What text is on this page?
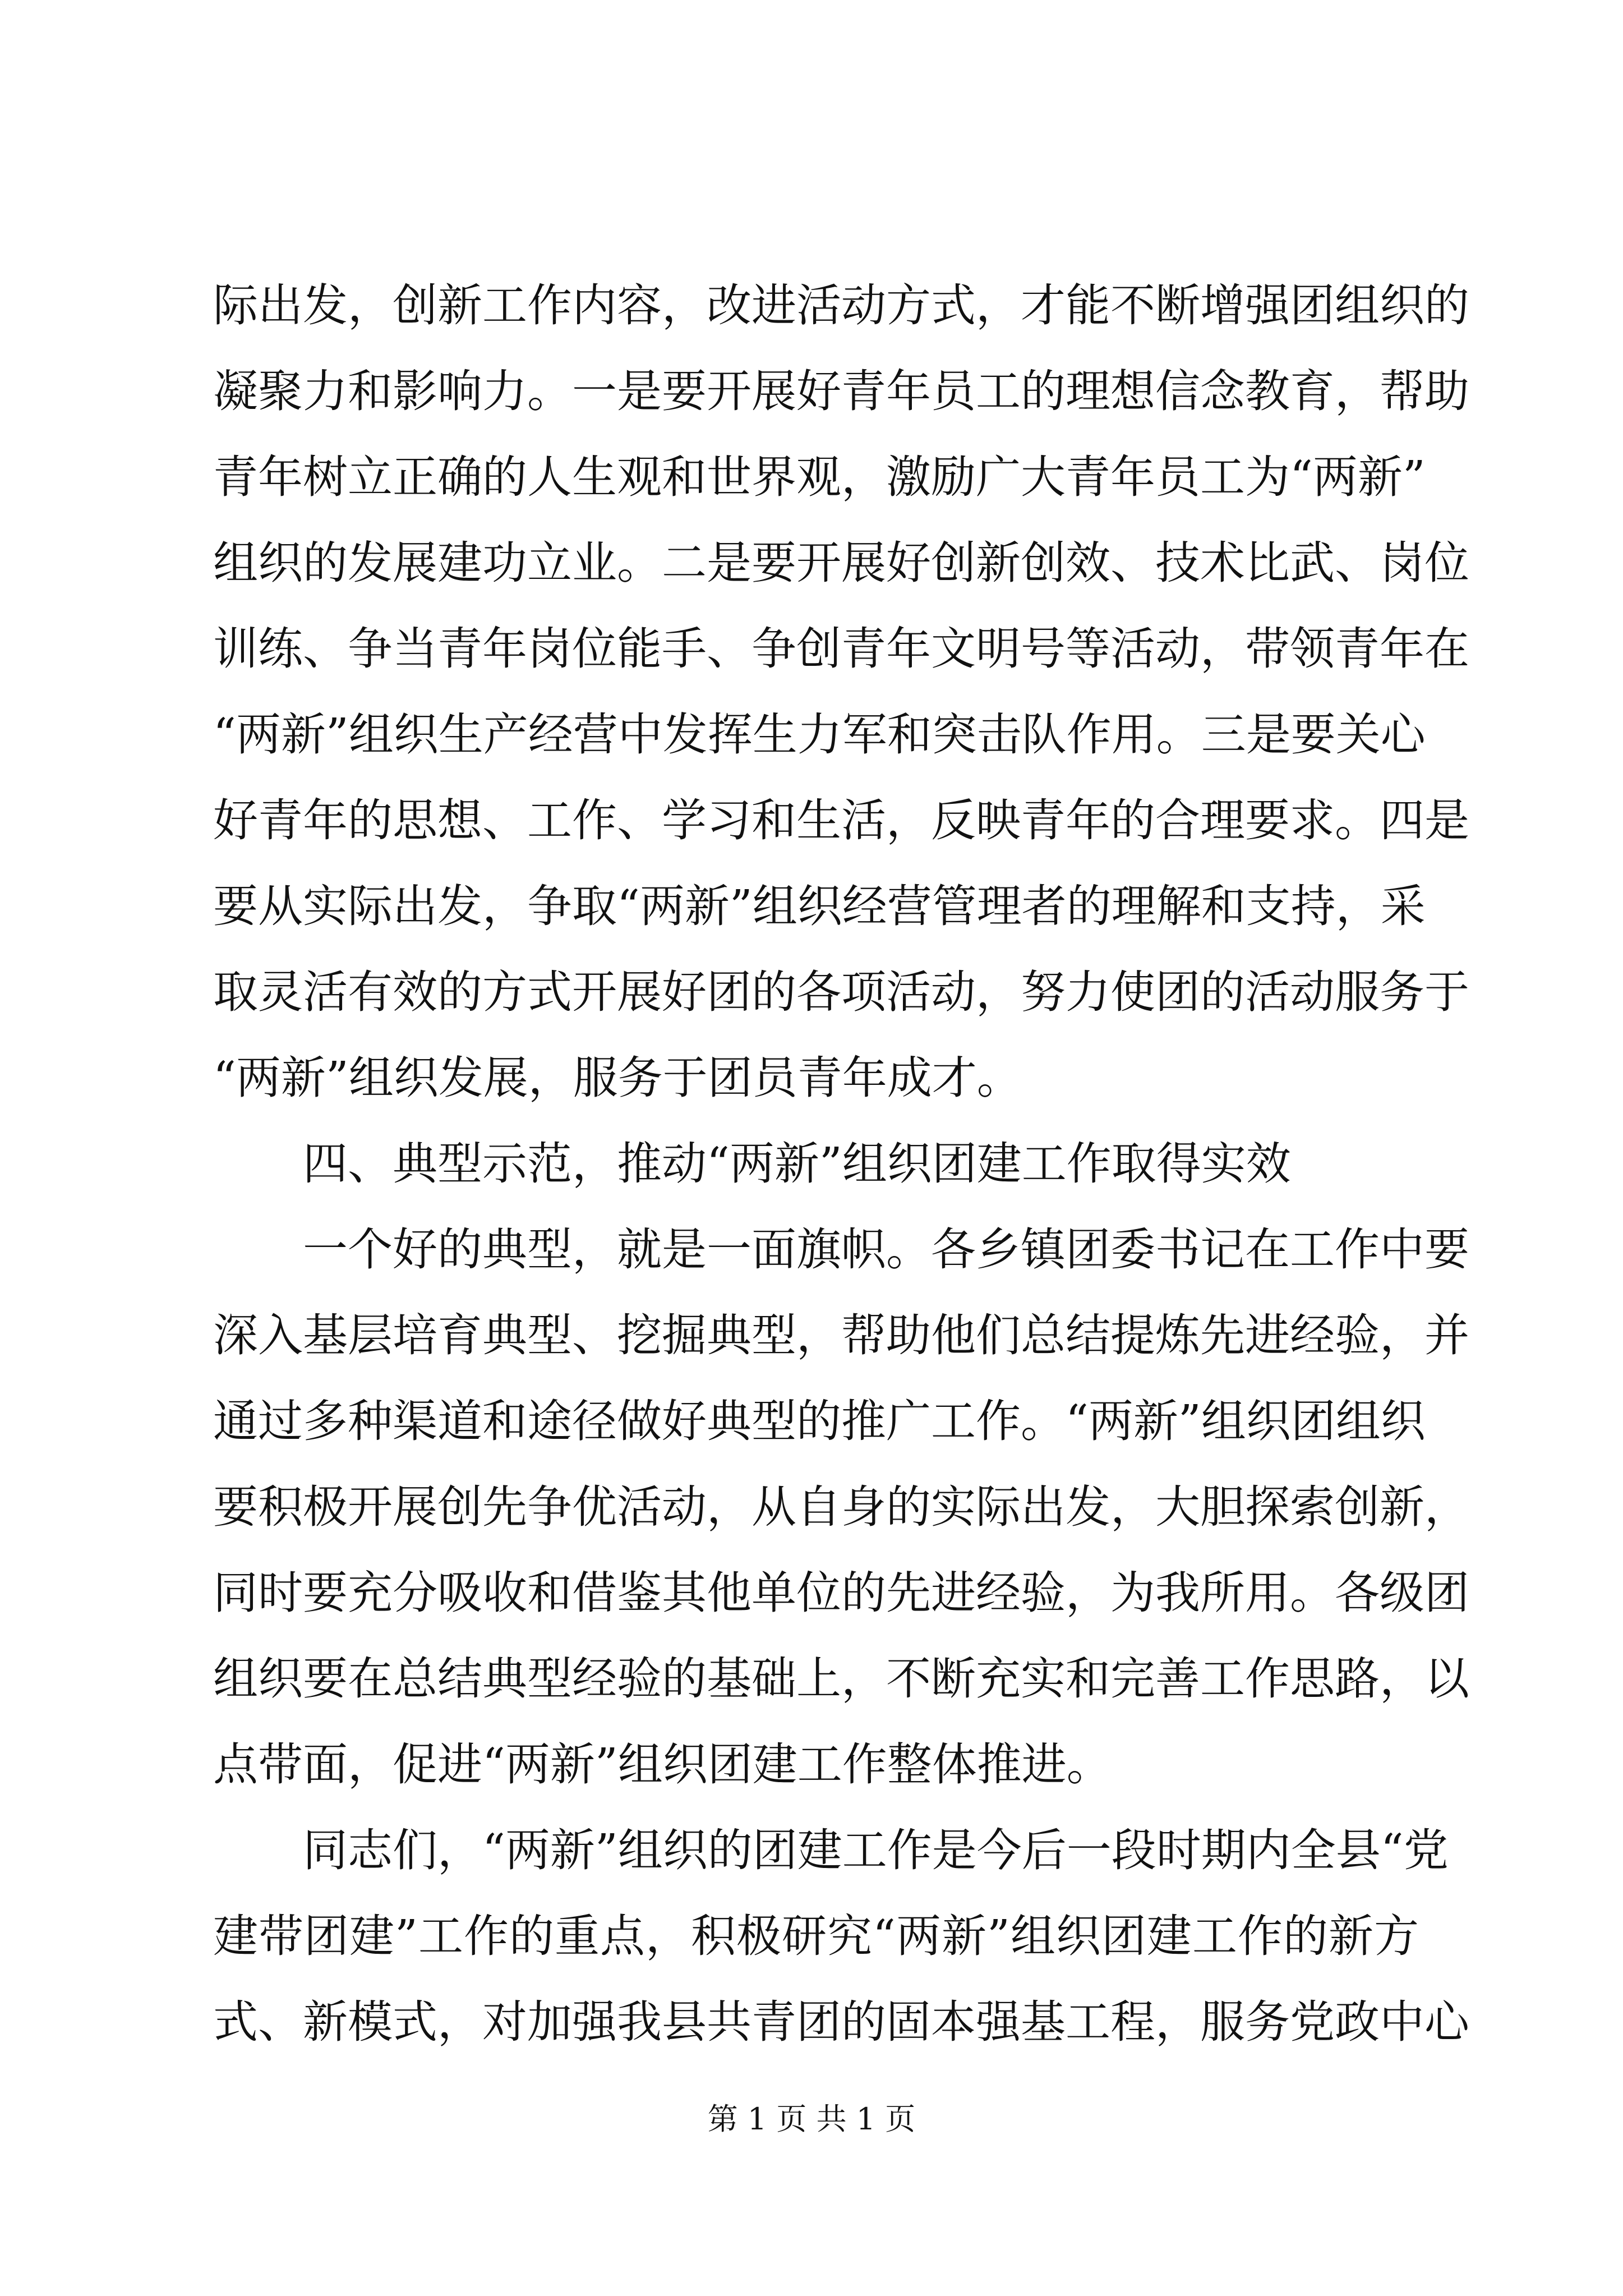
际出发，创新工作内容，改进活动方式，才能不断增强团组织的
凝聚力和影响力。一是要开展好青年员工的理想信念教育，帮助
青年树立正确的人生观和世界观，激励广大青年员工为“两新”
组织的发展建功立业。二是要开展好创新创效、技术比武、岗位
训练、争当青年岗位能手、争创青年文明号等活动，带领青年在
“两新”组织生产经营中发挥生力军和突击队作用。三是要关心
好青年的思想、工作、学习和生活，反映青年的合理要求。四是
要从实际出发，争取“两新”组织经营管理者的理解和支持，采
取灵活有效的方式开展好团的各项活动，努力使团的活动服务于
“两新”组织发展，服务于团员青年成才。
四、典型示范，推动“两新”组织团建工作取得实效
一个好的典型，就是一面旗帜。各乡镇团委书记在工作中要
深入基层培育典型、挖掘典型，帮助他们总结提炼先进经验，并
通过多种渠道和途径做好典型的推广工作。“两新”组织团组织
要积极开展创先争优活动，从自身的实际出发，大胆探索创新，
同时要充分吸收和借鉴其他单位的先进经验，为我所用。各级团
组织要在总结典型经验的基础上，不断充实和完善工作思路，以
点带面，促进“两新”组织团建工作整体推进。
同志们，“两新”组织的团建工作是今后一段时期内全县“党
建带团建”工作的重点，积极研究“两新”组织团建工作的新方
式、新模式，对加强我县共青团的固本强基工程，服务党政中心
第 1 页 共 1 页
